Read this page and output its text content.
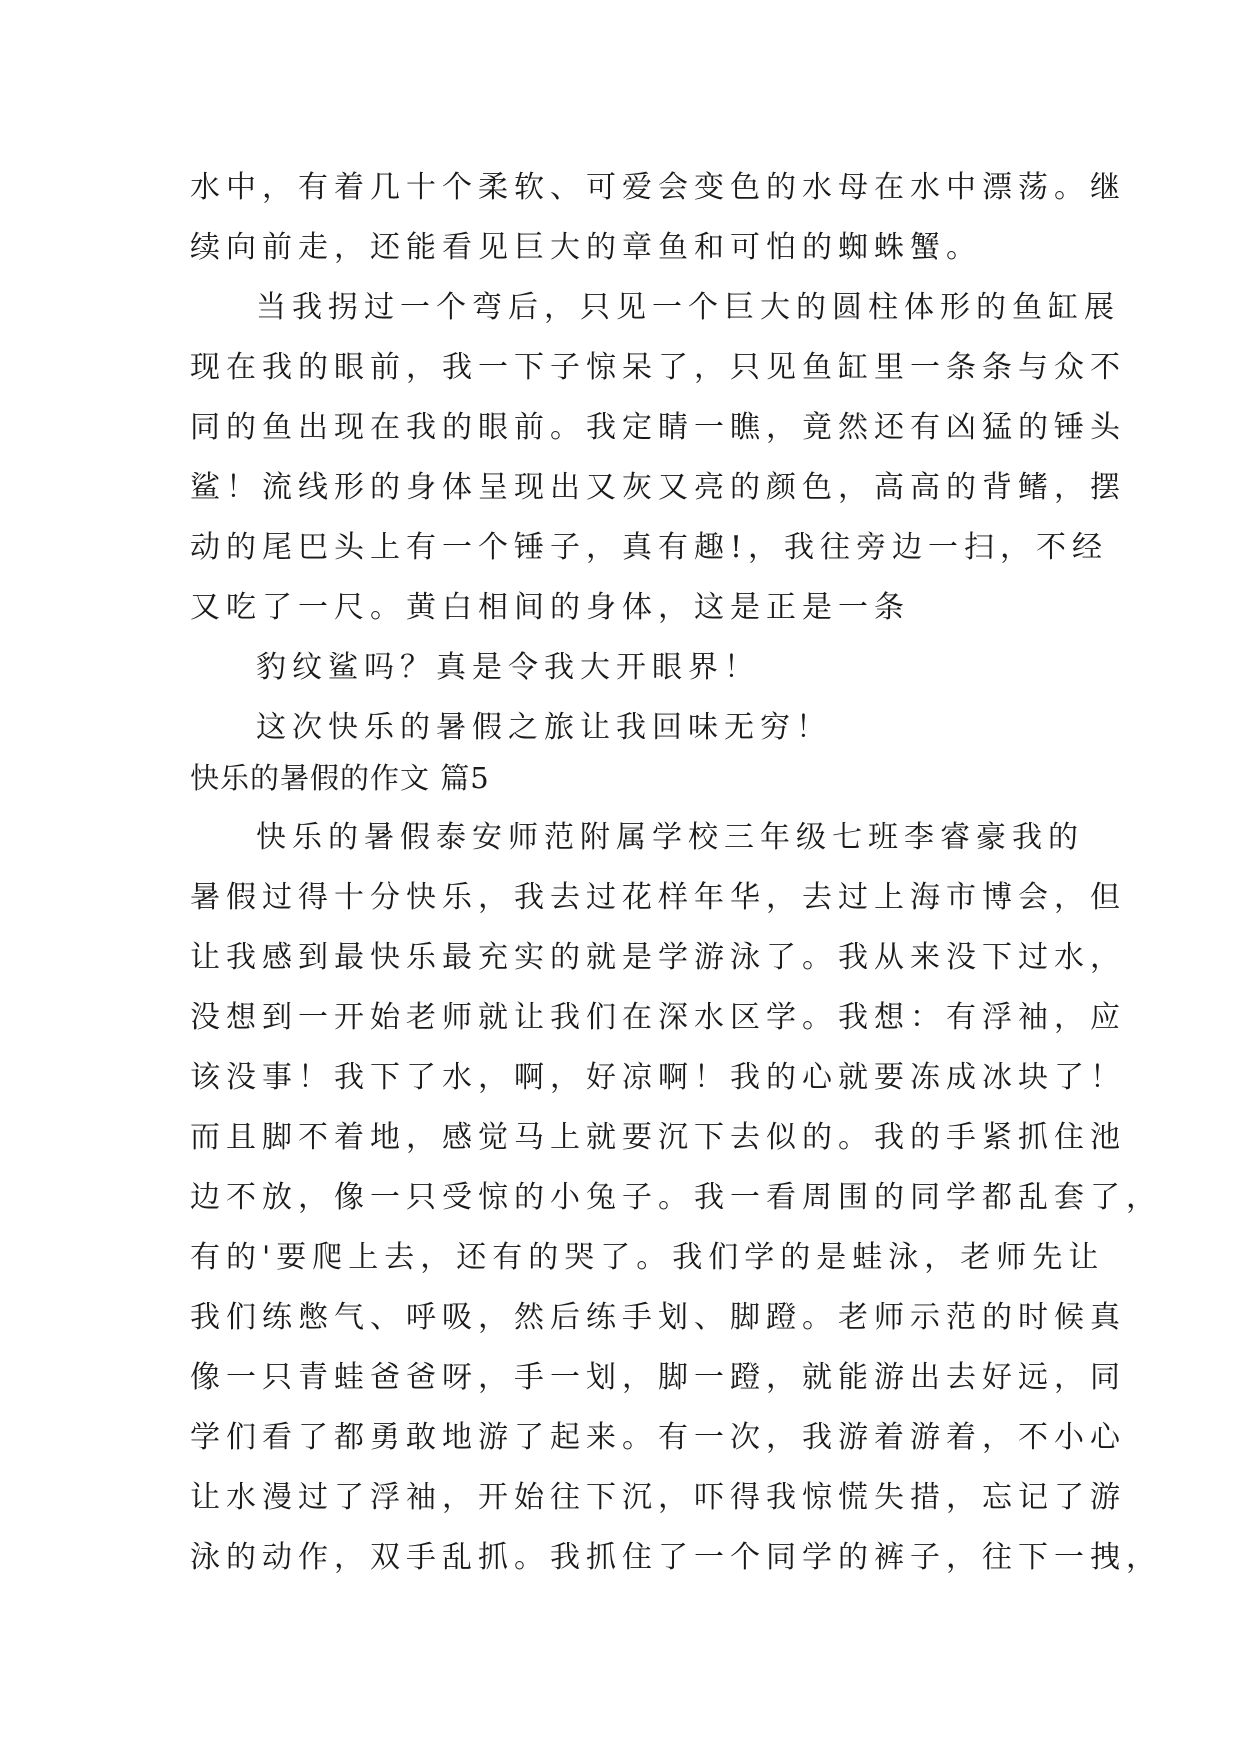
水中，有着几十个柔软、可爱会变色的水母在水中漂荡。继
续向前走，还能看见巨大的章鱼和可怕的蜘蛛蟹。
当我拐过一个弯后，只见一个巨大的圆柱体形的鱼缸展
现在我的眼前，我一下子惊呆了，只见鱼缸里一条条与众不
同的鱼出现在我的眼前。我定睛一瞧，竟然还有凶猛的锤头
鲨！流线形的身体呈现出又灰又亮的颜色，高高的背鳍，摆
动的尾巴头上有一个锤子，真有趣!，我往旁边一扫，不经
又吃了一尺。黄白相间的身体，这是正是一条
豹纹鲨吗？真是令我大开眼界！
这次快乐的暑假之旅让我回味无穷！
快乐的暑假的作文 篇5
快乐的暑假泰安师范附属学校三年级七班李睿豪我的
暑假过得十分快乐，我去过花样年华，去过上海市博会，但
让我感到最快乐最充实的就是学游泳了。我从来没下过水，
没想到一开始老师就让我们在深水区学。我想：有浮袖，应
该没事！我下了水，啊，好凉啊！我的心就要冻成冰块了！
而且脚不着地，感觉马上就要沉下去似的。我的手紧抓住池
边不放，像一只受惊的小兔子。我一看周围的同学都乱套了，
有的'要爬上去，还有的哭了。我们学的是蛙泳，老师先让
我们练憋气、呼吸，然后练手划、脚蹬。老师示范的时候真
像一只青蛙爸爸呀，手一划，脚一蹬，就能游出去好远，同
学们看了都勇敢地游了起来。有一次，我游着游着，不小心
让水漫过了浮袖，开始往下沉，吓得我惊慌失措，忘记了游
泳的动作，双手乱抓。我抓住了一个同学的裤子，往下一拽，
